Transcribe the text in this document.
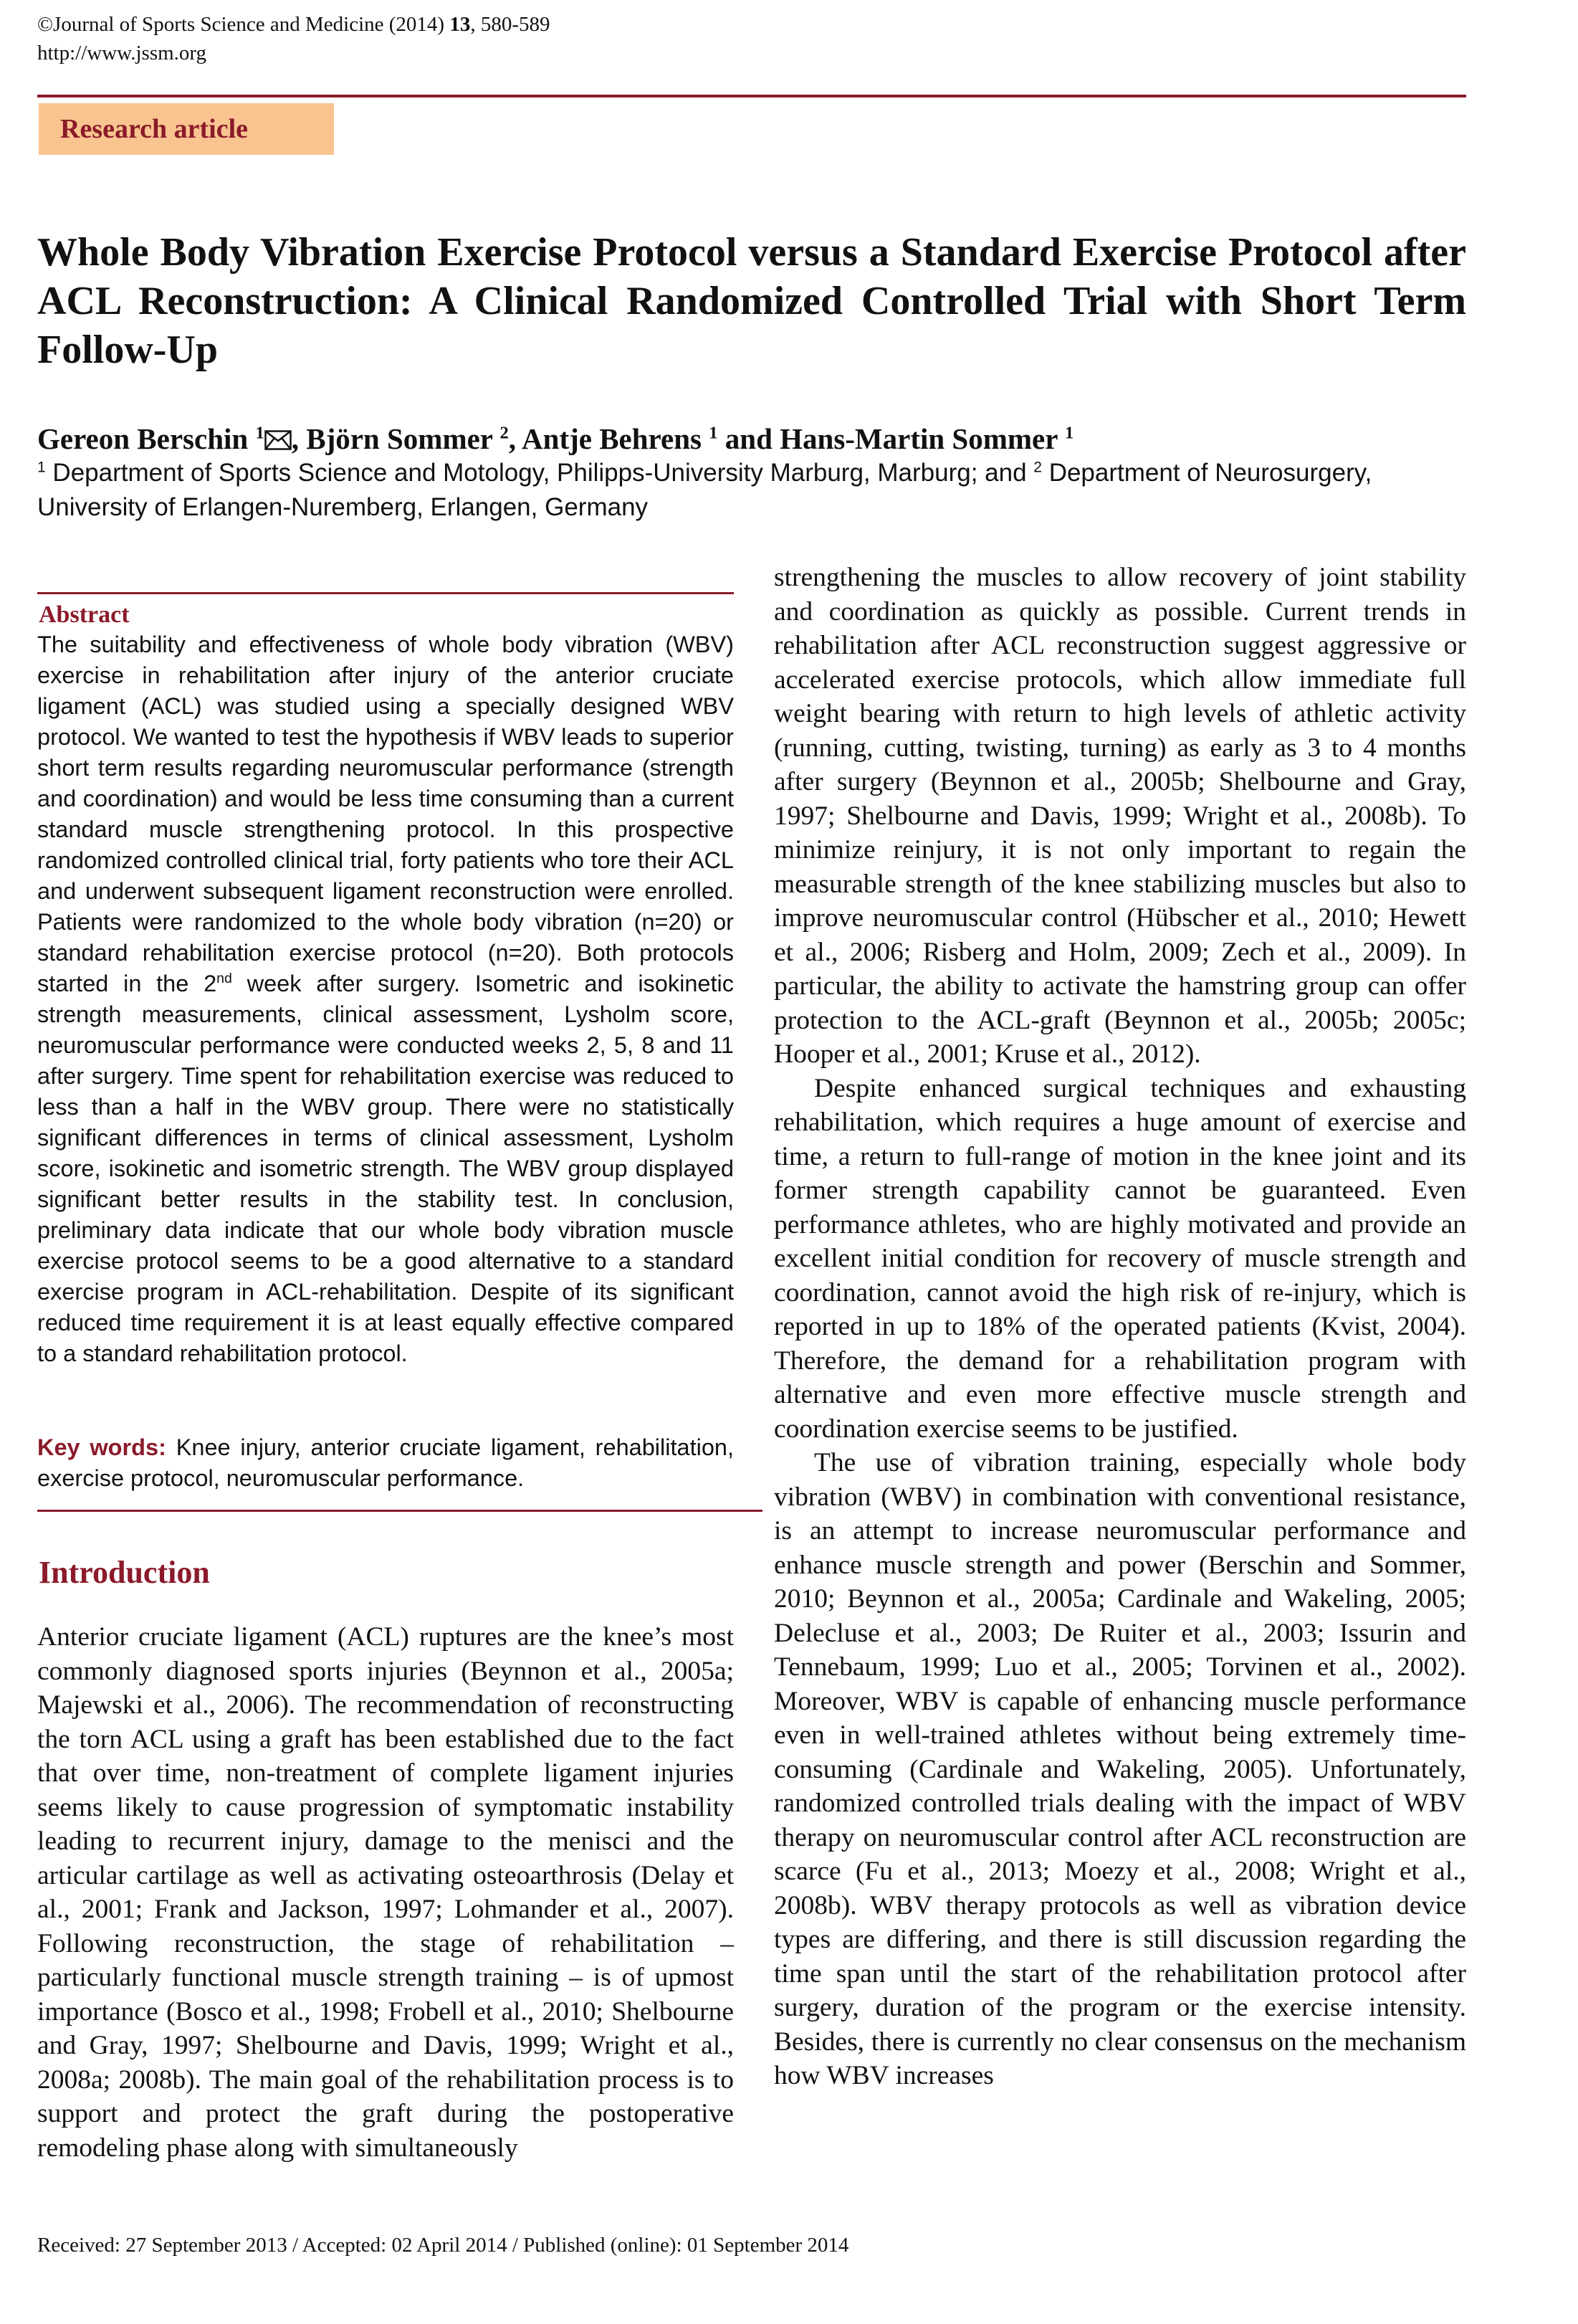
©Journal of Sports Science and Medicine (2014) 13, 580-589
http://www.jssm.org
Research article
Whole Body Vibration Exercise Protocol versus a Standard Exercise Protocol after ACL Reconstruction: A Clinical Randomized Controlled Trial with Short Term Follow-Up
Gereon Berschin $^1$ , Björn Sommer $^2$, Antje Behrens $^1$ and Hans-Martin Sommer $^1$
$^1$ Department of Sports Science and Motology, Philipps-University Marburg, Marburg; and $^2$ Department of Neurosurgery, University of Erlangen-Nuremberg, Erlangen, Germany
Abstract
The suitability and effectiveness of whole body vibration (WBV) exercise in rehabilitation after injury of the anterior cruciate ligament (ACL) was studied using a specially designed WBV protocol. We wanted to test the hypothesis if WBV leads to superior short term results regarding neuromuscular performance (strength and coordination) and would be less time consuming than a current standard muscle strengthening protocol. In this prospective randomized controlled clinical trial, forty patients who tore their ACL and underwent subsequent ligament reconstruction were enrolled. Patients were randomized to the whole body vibration (n=20) or standard rehabilitation exercise protocol (n=20). Both protocols started in the 2nd week after surgery. Isometric and isokinetic strength measurements, clinical assessment, Lysholm score, neuromuscular performance were conducted weeks 2, 5, 8 and 11 after surgery. Time spent for rehabilitation exercise was reduced to less than a half in the WBV group. There were no statistically significant differences in terms of clinical assessment, Lysholm score, isokinetic and isometric strength. The WBV group displayed significant better results in the stability test. In conclusion, preliminary data indicate that our whole body vibration muscle exercise protocol seems to be a good alternative to a standard exercise program in ACL-rehabilitation. Despite of its significant reduced time requirement it is at least equally effective compared to a standard rehabilitation protocol.
Key words: Knee injury, anterior cruciate ligament, rehabilitation, exercise protocol, neuromuscular performance.
Introduction
Anterior cruciate ligament (ACL) ruptures are the knee’s most commonly diagnosed sports injuries (Beynnon et al., 2005a; Majewski et al., 2006). The recommendation of reconstructing the torn ACL using a graft has been established due to the fact that over time, non-treatment of complete ligament injuries seems likely to cause progression of symptomatic instability leading to recurrent injury, damage to the menisci and the articular cartilage as well as activating osteoarthrosis (Delay et al., 2001; Frank and Jackson, 1997; Lohmander et al., 2007). Following reconstruction, the stage of rehabilitation – particularly functional muscle strength training – is of upmost importance (Bosco et al., 1998; Frobell et al., 2010; Shelbourne and Gray, 1997; Shelbourne and Davis, 1999; Wright et al., 2008a; 2008b). The main goal of the rehabilitation process is to support and protect the graft during the postoperative remodeling phase along with simultaneously

strengthening the muscles to allow recovery of joint stability and coordination as quickly as possible. Current trends in rehabilitation after ACL reconstruction suggest aggressive or accelerated exercise protocols, which allow immediate full weight bearing with return to high levels of athletic activity (running, cutting, twisting, turning) as early as 3 to 4 months after surgery (Beynnon et al., 2005b; Shelbourne and Gray, 1997; Shelbourne and Davis, 1999; Wright et al., 2008b). To minimize reinjury, it is not only important to regain the measurable strength of the knee stabilizing muscles but also to improve neuromuscular control (Hübscher et al., 2010; Hewett et al., 2006; Risberg and Holm, 2009; Zech et al., 2009). In particular, the ability to activate the hamstring group can offer protection to the ACL-graft (Beynnon et al., 2005b; 2005c; Hooper et al., 2001; Kruse et al., 2012).

Despite enhanced surgical techniques and exhausting rehabilitation, which requires a huge amount of exercise and time, a return to full-range of motion in the knee joint and its former strength capability cannot be guaranteed. Even performance athletes, who are highly motivated and provide an excellent initial condition for recovery of muscle strength and coordination, cannot avoid the high risk of re-injury, which is reported in up to 18% of the operated patients (Kvist, 2004). Therefore, the demand for a rehabilitation program with alternative and even more effective muscle strength and coordination exercise seems to be justified.

The use of vibration training, especially whole body vibration (WBV) in combination with conventional resistance, is an attempt to increase neuromuscular performance and enhance muscle strength and power (Berschin and Sommer, 2010; Beynnon et al., 2005a; Cardinale and Wakeling, 2005; Delecluse et al., 2003; De Ruiter et al., 2003; Issurin and Tennebaum, 1999; Luo et al., 2005; Torvinen et al., 2002). Moreover, WBV is capable of enhancing muscle performance even in well-trained athletes without being extremely time-consuming (Cardinale and Wakeling, 2005). Unfortunately, randomized controlled trials dealing with the impact of WBV therapy on neuromuscular control after ACL reconstruction are scarce (Fu et al., 2013; Moezy et al., 2008; Wright et al., 2008b). WBV therapy protocols as well as vibration device types are differing, and there is still discussion regarding the time span until the start of the rehabilitation protocol after surgery, duration of the program or the exercise intensity. Besides, there is currently no clear consensus on the mechanism how WBV increases

Received: 27 September 2013 / Accepted: 02 April 2014 / Published (online): 01 September 2014
